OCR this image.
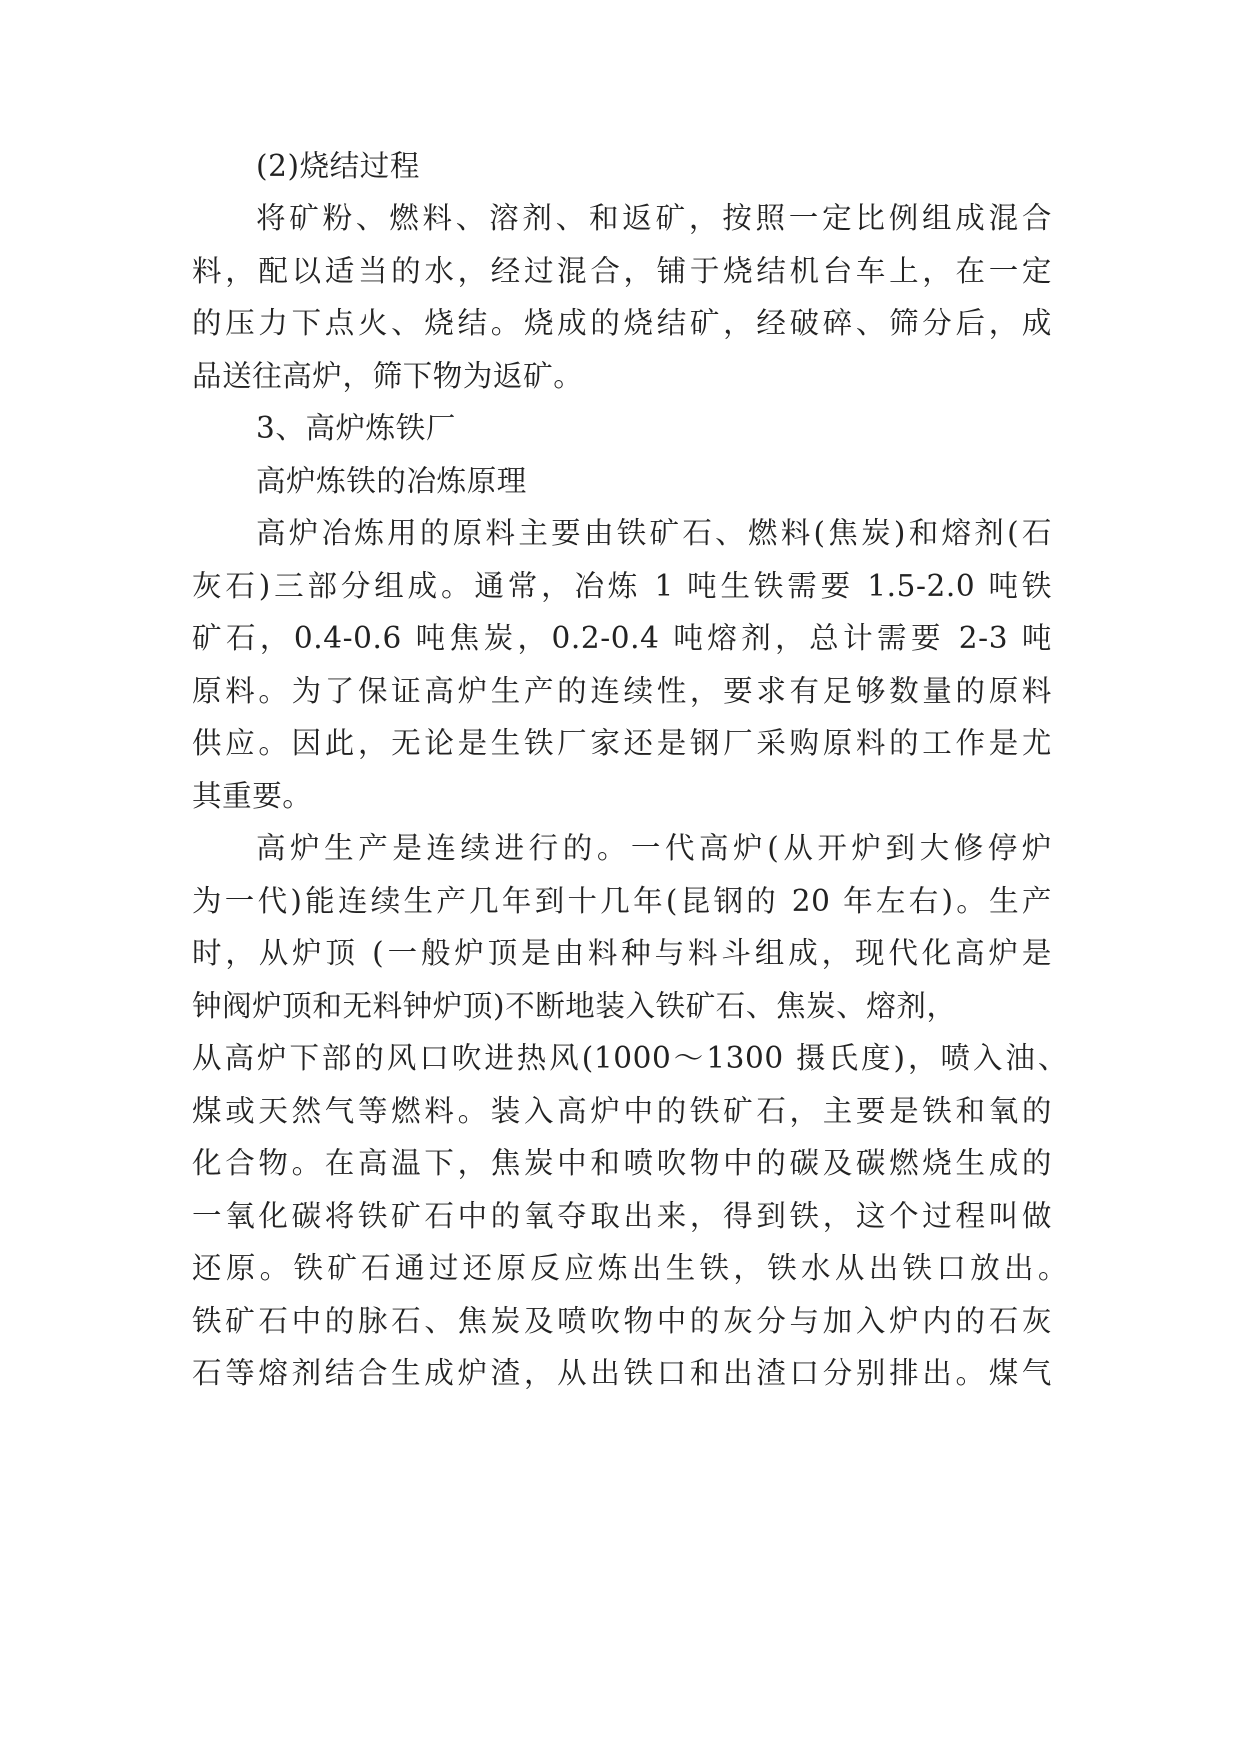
(2)烧结过程
将矿粉、燃料、溶剂、和返矿，按照一定比例组成混合
料，配以适当的水，经过混合，铺于烧结机台车上，在一定
的压力下点火、烧结。烧成的烧结矿，经破碎、筛分后，成
品送往高炉，筛下物为返矿。
3、高炉炼铁厂
高炉炼铁的冶炼原理
高炉冶炼用的原料主要由铁矿石、燃料(焦炭)和熔剂(石
灰石)三部分组成。通常，冶炼 1 吨生铁需要 1.5-2.0 吨铁
矿石，0.4-0.6 吨焦炭，0.2-0.4 吨熔剂，总计需要 2-3 吨
原料。为了保证高炉生产的连续性，要求有足够数量的原料
供应。因此，无论是生铁厂家还是钢厂采购原料的工作是尤
其重要。
高炉生产是连续进行的。一代高炉(从开炉到大修停炉
为一代)能连续生产几年到十几年(昆钢的 20 年左右)。生产
时，从炉顶 (一般炉顶是由料种与料斗组成，现代化高炉是
钟阀炉顶和无料钟炉顶)不断地装入铁矿石、焦炭、熔剂，
从高炉下部的风口吹进热风(1000～1300 摄氏度)，喷入油、
煤或天然气等燃料。装入高炉中的铁矿石，主要是铁和氧的
化合物。在高温下，焦炭中和喷吹物中的碳及碳燃烧生成的
一氧化碳将铁矿石中的氧夺取出来，得到铁，这个过程叫做
还原。铁矿石通过还原反应炼出生铁，铁水从出铁口放出。
铁矿石中的脉石、焦炭及喷吹物中的灰分与加入炉内的石灰
石等熔剂结合生成炉渣，从出铁口和出渣口分别排出。煤气
